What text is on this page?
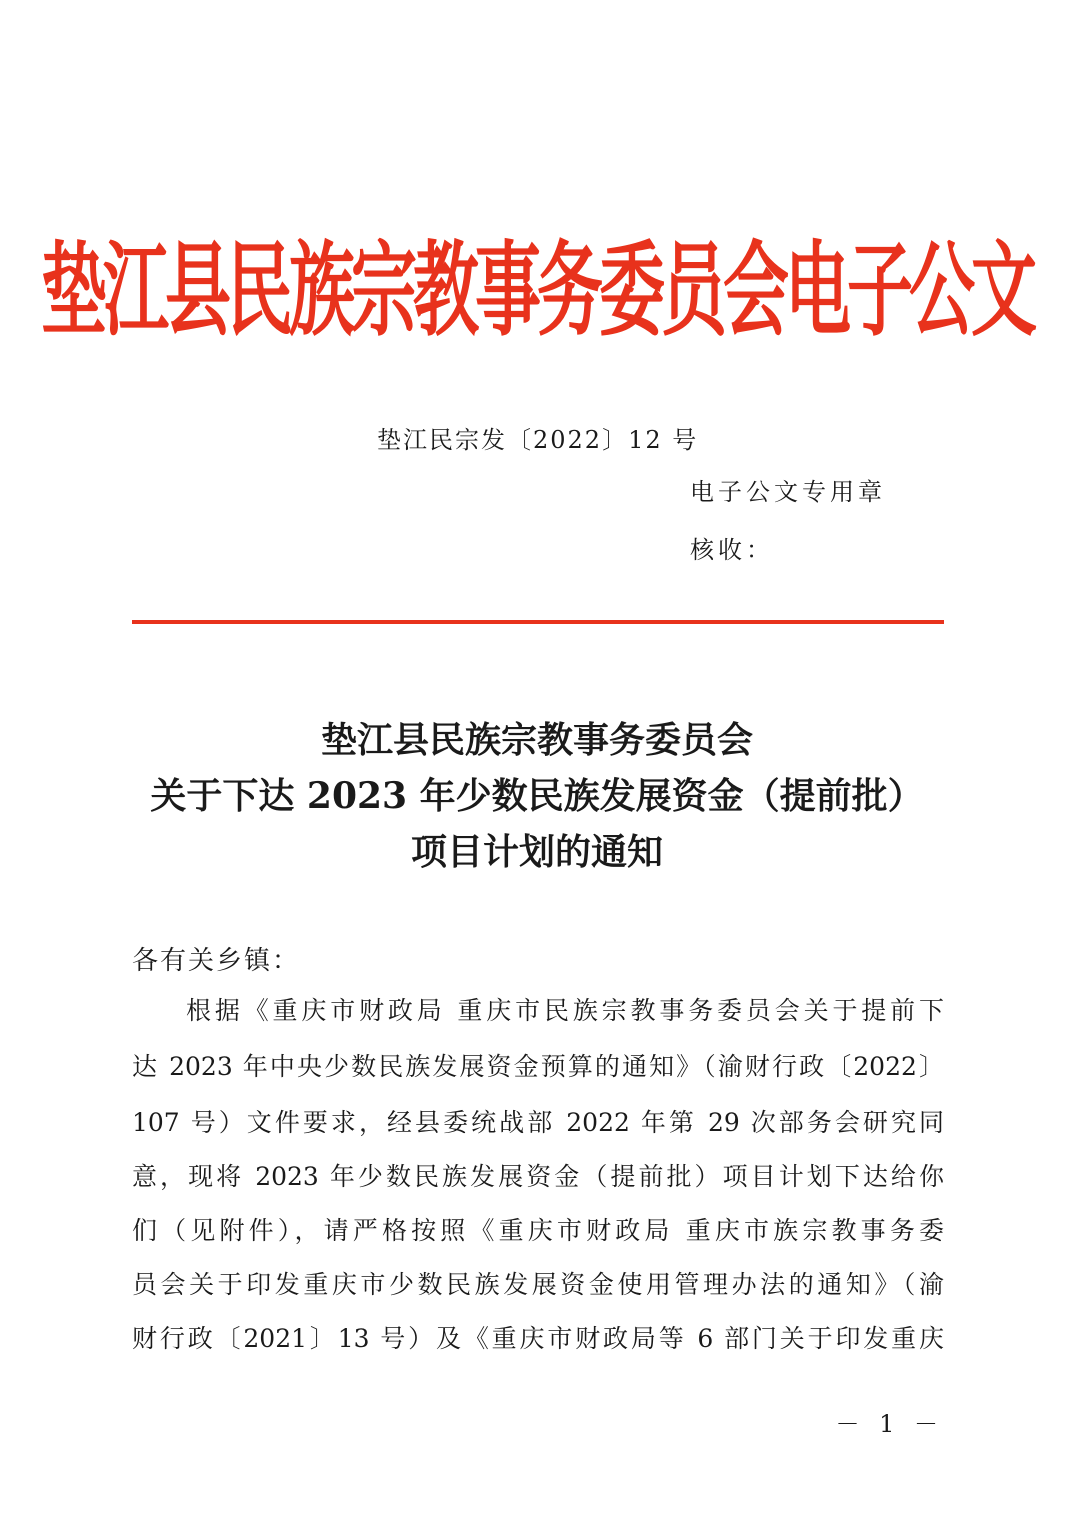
垫江县民族宗教事务委员会电子公文
垫江民宗发〔2022〕12 号
电子公文专用章
核收：
垫江县民族宗教事务委员会
关于下达 2023 年少数民族发展资金（提前批）
项目计划的通知
各有关乡镇：
根据《重庆市财政局 重庆市民族宗教事务委员会关于提前下
达 2023 年中央少数民族发展资金预算的通知》（渝财行政〔2022〕
107 号）文件要求，经县委统战部 2022 年第 29 次部务会研究同
意，现将 2023 年少数民族发展资金（提前批）项目计划下达给你
们（见附件），请严格按照《重庆市财政局 重庆市族宗教事务委
员会关于印发重庆市少数民族发展资金使用管理办法的通知》（渝
财行政〔2021〕13 号）及《重庆市财政局等 6 部门关于印发重庆
－ 1 －
